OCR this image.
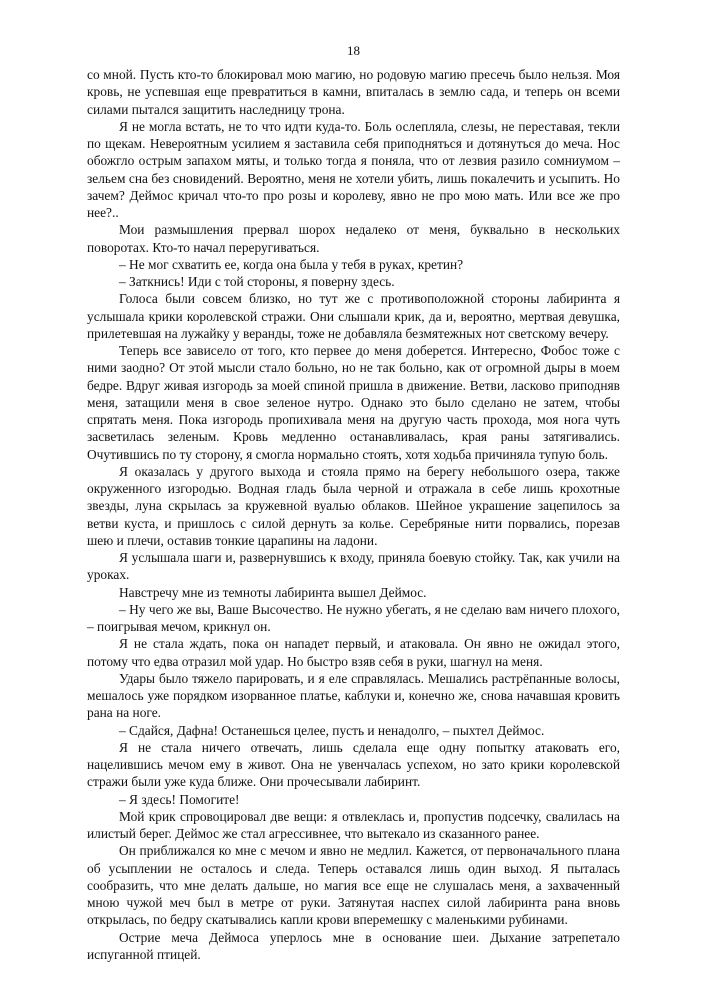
18

со мной. Пусть кто-то блокировал мою магию, но родовую магию пресечь было нельзя. Моя кровь, не успевшая еще превратиться в камни, впиталась в землю сада, и теперь он всеми силами пытался защитить наследницу трона.

Я не могла встать, не то что идти куда-то. Боль ослепляла, слезы, не переставая, текли по щекам. Невероятным усилием я заставила себя приподняться и дотянуться до меча. Нос обожгло острым запахом мяты, и только тогда я поняла, что от лезвия разило сомниумом – зельем сна без сновидений. Вероятно, меня не хотели убить, лишь покалечить и усыпить. Но зачем? Деймос кричал что-то про розы и королеву, явно не про мою мать. Или все же про нее?..

Мои размышления прервал шорох недалеко от меня, буквально в нескольких поворотах. Кто-то начал переругиваться.

– Не мог схватить ее, когда она была у тебя в руках, кретин?

– Заткнись! Иди с той стороны, я поверну здесь.

Голоса были совсем близко, но тут же с противоположной стороны лабиринта я услышала крики королевской стражи. Они слышали крик, да и, вероятно, мертвая девушка, прилетевшая на лужайку у веранды, тоже не добавляла безмятежных нот светскому вечеру.

Теперь все зависело от того, кто первее до меня доберется. Интересно, Фобос тоже с ними заодно? От этой мысли стало больно, но не так больно, как от огромной дыры в моем бедре. Вдруг живая изгородь за моей спиной пришла в движение. Ветви, ласково приподняв меня, затащили меня в свое зеленое нутро. Однако это было сделано не затем, чтобы спрятать меня. Пока изгородь пропихивала меня на другую часть прохода, моя нога чуть засветилась зеленым. Кровь медленно останавливалась, края раны затягивались. Очутившись по ту сторону, я смогла нормально стоять, хотя ходьба причиняла тупую боль.

Я оказалась у другого выхода и стояла прямо на берегу небольшого озера, также окруженного изгородью. Водная гладь была черной и отражала в себе лишь крохотные звезды, луна скрылась за кружевной вуалью облаков. Шейное украшение зацепилось за ветви куста, и пришлось с силой дернуть за колье. Серебряные нити порвались, порезав шею и плечи, оставив тонкие царапины на ладони.

Я услышала шаги и, развернувшись к входу, приняла боевую стойку. Так, как учили на уроках.

Навстречу мне из темноты лабиринта вышел Деймос.

– Ну чего же вы, Ваше Высочество. Не нужно убегать, я не сделаю вам ничего плохого, – поигрывая мечом, крикнул он.

Я не стала ждать, пока он нападет первый, и атаковала. Он явно не ожидал этого, потому что едва отразил мой удар. Но быстро взяв себя в руки, шагнул на меня.

Удары было тяжело парировать, и я еле справлялась. Мешались растрёпанные волосы, мешалось уже порядком изорванное платье, каблуки и, конечно же, снова начавшая кровить рана на ноге.

– Сдайся, Дафна! Останешься целее, пусть и ненадолго, – пыхтел Деймос.

Я не стала ничего отвечать, лишь сделала еще одну попытку атаковать его, нацелившись мечом ему в живот. Она не увенчалась успехом, но зато крики королевской стражи были уже куда ближе. Они прочесывали лабиринт.

– Я здесь! Помогите!

Мой крик спровоцировал две вещи: я отвлеклась и, пропустив подсечку, свалилась на илистый берег. Деймос же стал агрессивнее, что вытекало из сказанного ранее.

Он приближался ко мне с мечом и явно не медлил. Кажется, от первоначального плана об усыплении не осталось и следа. Теперь оставался лишь один выход. Я пыталась сообразить, что мне делать дальше, но магия все еще не слушалась меня, а захваченный мною чужой меч был в метре от руки. Затянутая наспех силой лабиринта рана вновь открылась, по бедру скатывались капли крови вперемешку с маленькими рубинами.

Острие меча Деймоса уперлось мне в основание шеи. Дыхание затрепетало испуганной птицей.
